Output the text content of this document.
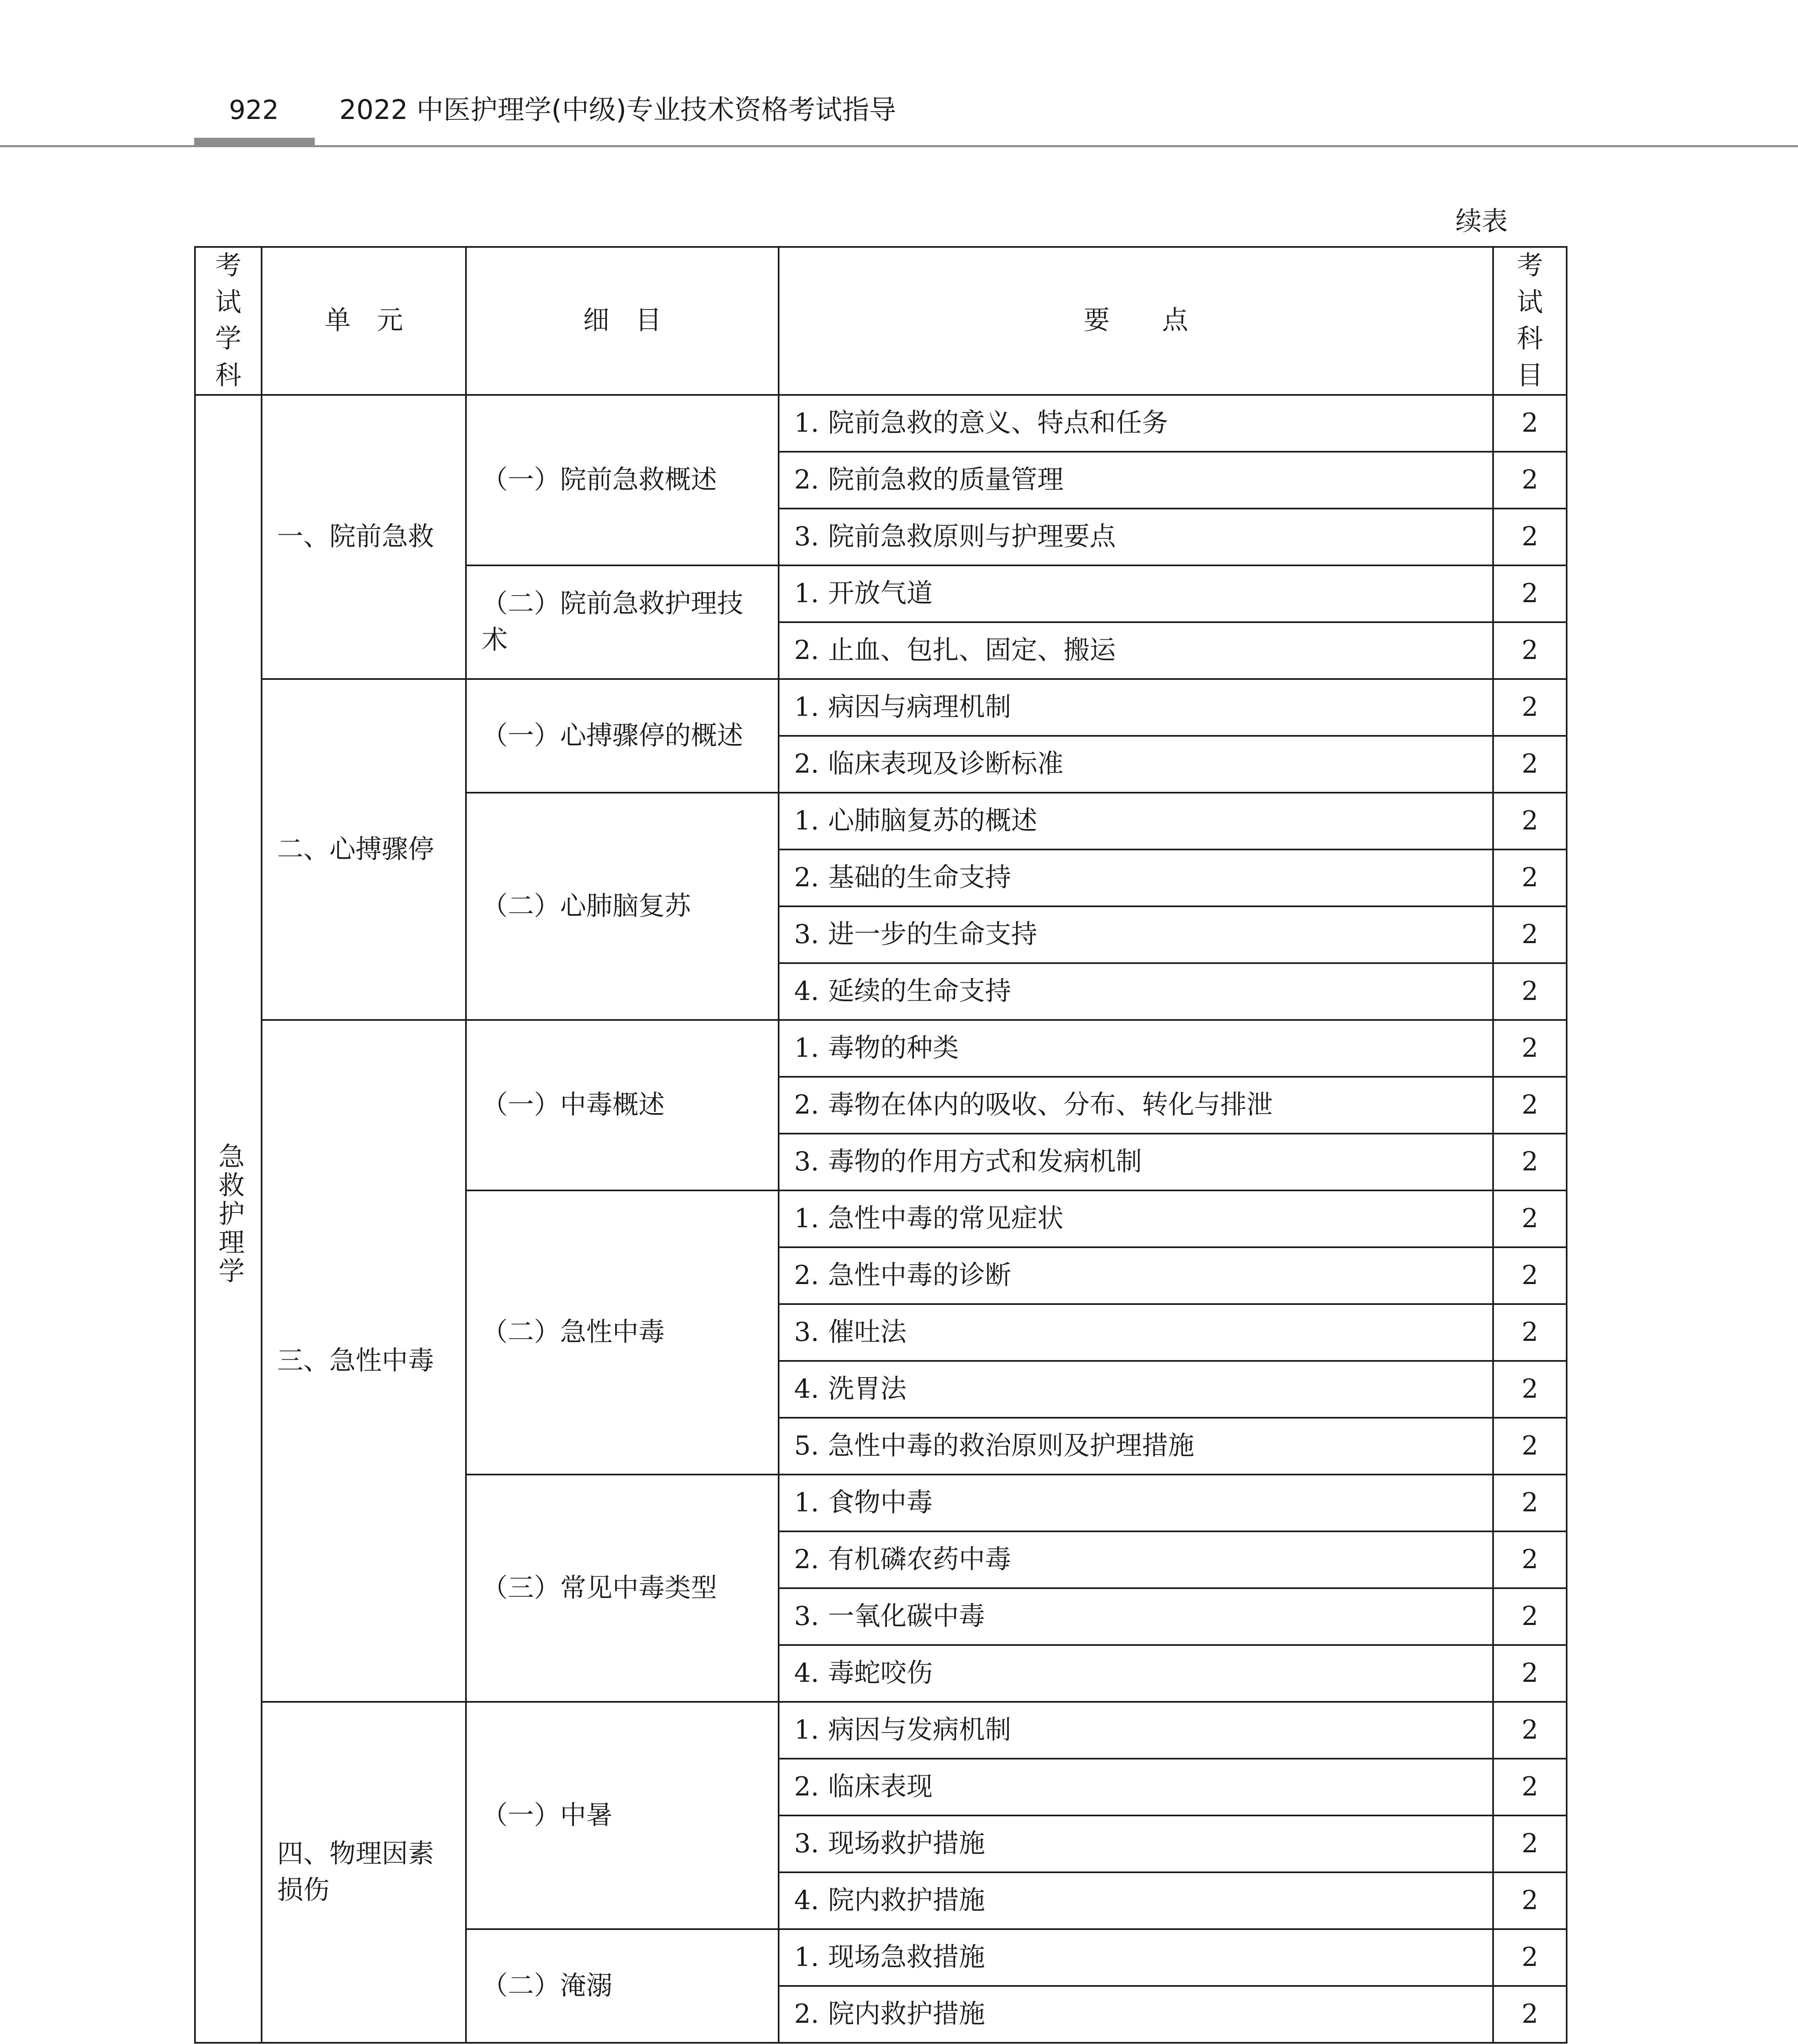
922 2022 中医护理学(中级)专业技术资格考试指导
续表
考试学科	单　元	细　目	要　　点	考试科目
急救护理学	一、院前急救	（一）院前急救概述	1. 院前急救的意义、特点和任务	2
			2. 院前急救的质量管理	2
			3. 院前急救原则与护理要点	2

		（二）院前急救护理技术	1. 开放气道	2
			2. 止血、包扎、固定、搬运	2

	二、心搏骤停	（一）心搏骤停的概述	1. 病因与病理机制	2
			2. 临床表现及诊断标准	2

		（二）心肺脑复苏	1. 心肺脑复苏的概述	2
			2. 基础的生命支持	2
			3. 进一步的生命支持	2
			4. 延续的生命支持	2

	三、急性中毒	（一）中毒概述	1. 毒物的种类	2
			2. 毒物在体内的吸收、分布、转化与排泄	2
			3. 毒物的作用方式和发病机制	2

		（二）急性中毒	1. 急性中毒的常见症状	2
			2. 急性中毒的诊断	2
			3. 催吐法	2
			4. 洗胃法	2
			5. 急性中毒的救治原则及护理措施	2

		（三）常见中毒类型	1. 食物中毒	2
			2. 有机磷农药中毒	2
			3. 一氧化碳中毒	2
			4. 毒蛇咬伤	2

	四、物理因素损伤	（一）中暑	1. 病因与发病机制	2
			2. 临床表现	2
			3. 现场救护措施	2
			4. 院内救护措施	2

		（二）淹溺	1. 现场急救措施	2
			2. 院内救护措施	2
